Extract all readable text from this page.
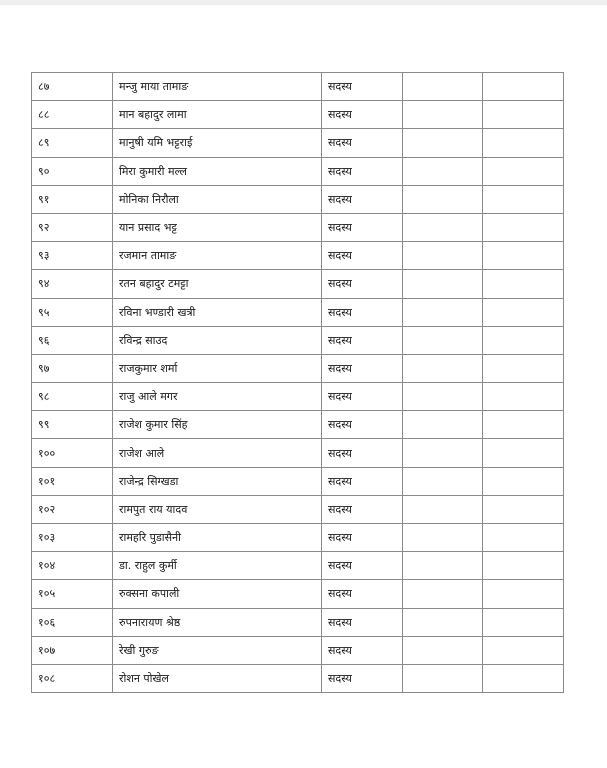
८७	मन्जु माया तामाङ	सदस्य		
८८	मान बहादुर लामा	सदस्य		
८९	मानुषी यमि भट्टराई	सदस्य		
९०	मिरा कुमारी मल्ल	सदस्य		
९१	मोनिका निरौला	सदस्य		
९२	यान प्रसाद भट्ट	सदस्य		
९३	रजमान तामाङ	सदस्य		
९४	रतन बहादुर टमट्टा	सदस्य		
९५	रविना भण्डारी खत्री	सदस्य		
९६	रविन्द्र साउद	सदस्य		
९७	राजकुमार शर्मा	सदस्य		
९८	राजु आले मगर	सदस्य		
९९	राजेश कुमार सिंह	सदस्य		
१००	राजेश आले	सदस्य		
१०१	राजेन्द्र सिग्खडा	सदस्य		
१०२	रामपुत राय यादव	सदस्य		
१०३	रामहरि पुडासैनी	सदस्य		
१०४	डा. राहुल कुर्मी	सदस्य		
१०५	रुक्सना कपाली	सदस्य		
१०६	रुपनारायण श्रेष्ठ	सदस्य		
१०७	रेखी गुरुङ	सदस्य		
१०८	रोशन पोखेल	सदस्य		
